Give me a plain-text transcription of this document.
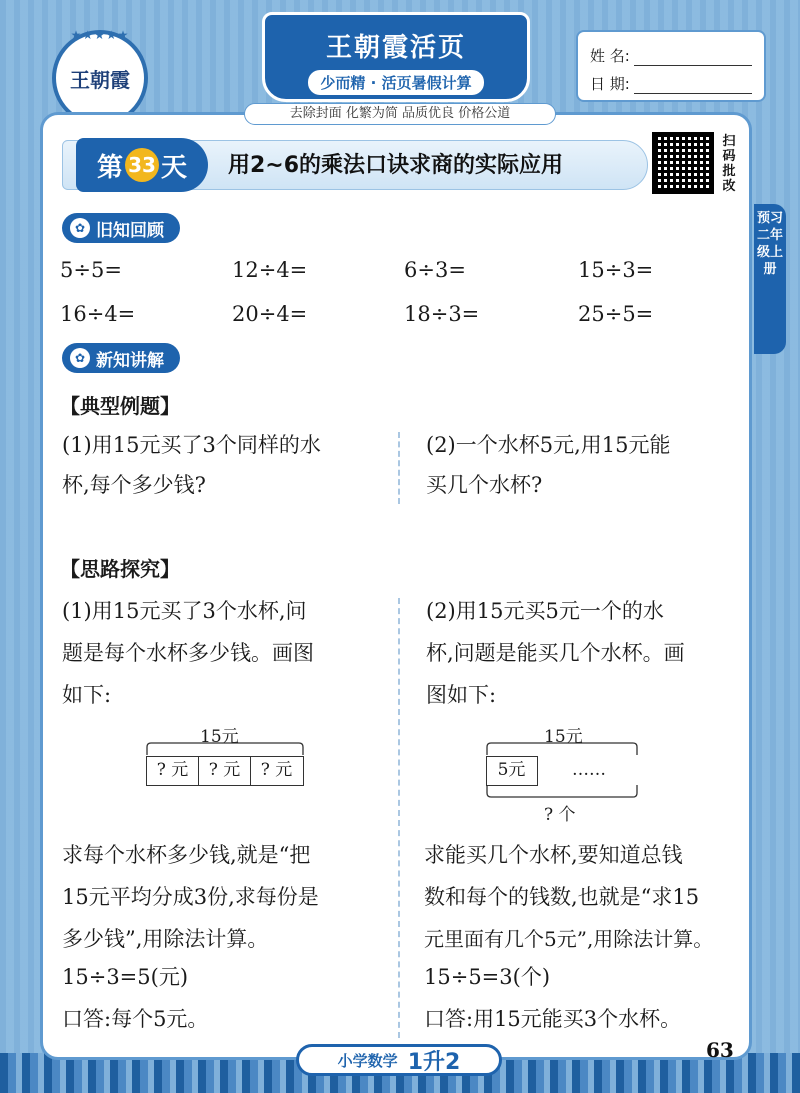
★★★★★
王朝霞
王朝霞活页
少而精 · 活页暑假计算
去除封面 化繁为简 品质优良 价格公道
姓 名:
日 期:
第 33 天 用2~6的乘法口诀求商的实际应用
扫码批改
预习二年级上册
✿ 旧知回顾
5÷5=	12÷4=	6÷3=	15÷3=
16÷4=	20÷4=	18÷3=	25÷5=
✿ 新知讲解
【典型例题】
(1)用15元买了3个同样的水
杯,每个多少钱?
(2)一个水杯5元,用15元能
买几个水杯?
【思路探究】
(1)用15元买了3个水杯,问
题是每个水杯多少钱。画图
如下:
15元
? 元	? 元	? 元
求每个水杯多少钱,就是“把
15元平均分成3份,求每份是
多少钱”,用除法计算。
15÷3=5(元)
口答:每个5元。
(2)用15元买5元一个的水
杯,问题是能买几个水杯。画
图如下:
15元
5元	……
? 个
求能买几个水杯,要知道总钱
数和每个的钱数,也就是“求15
元里面有几个5元”,用除法计算。
15÷5=3(个)
口答:用15元能买3个水杯。
小学数学 1升2	63
